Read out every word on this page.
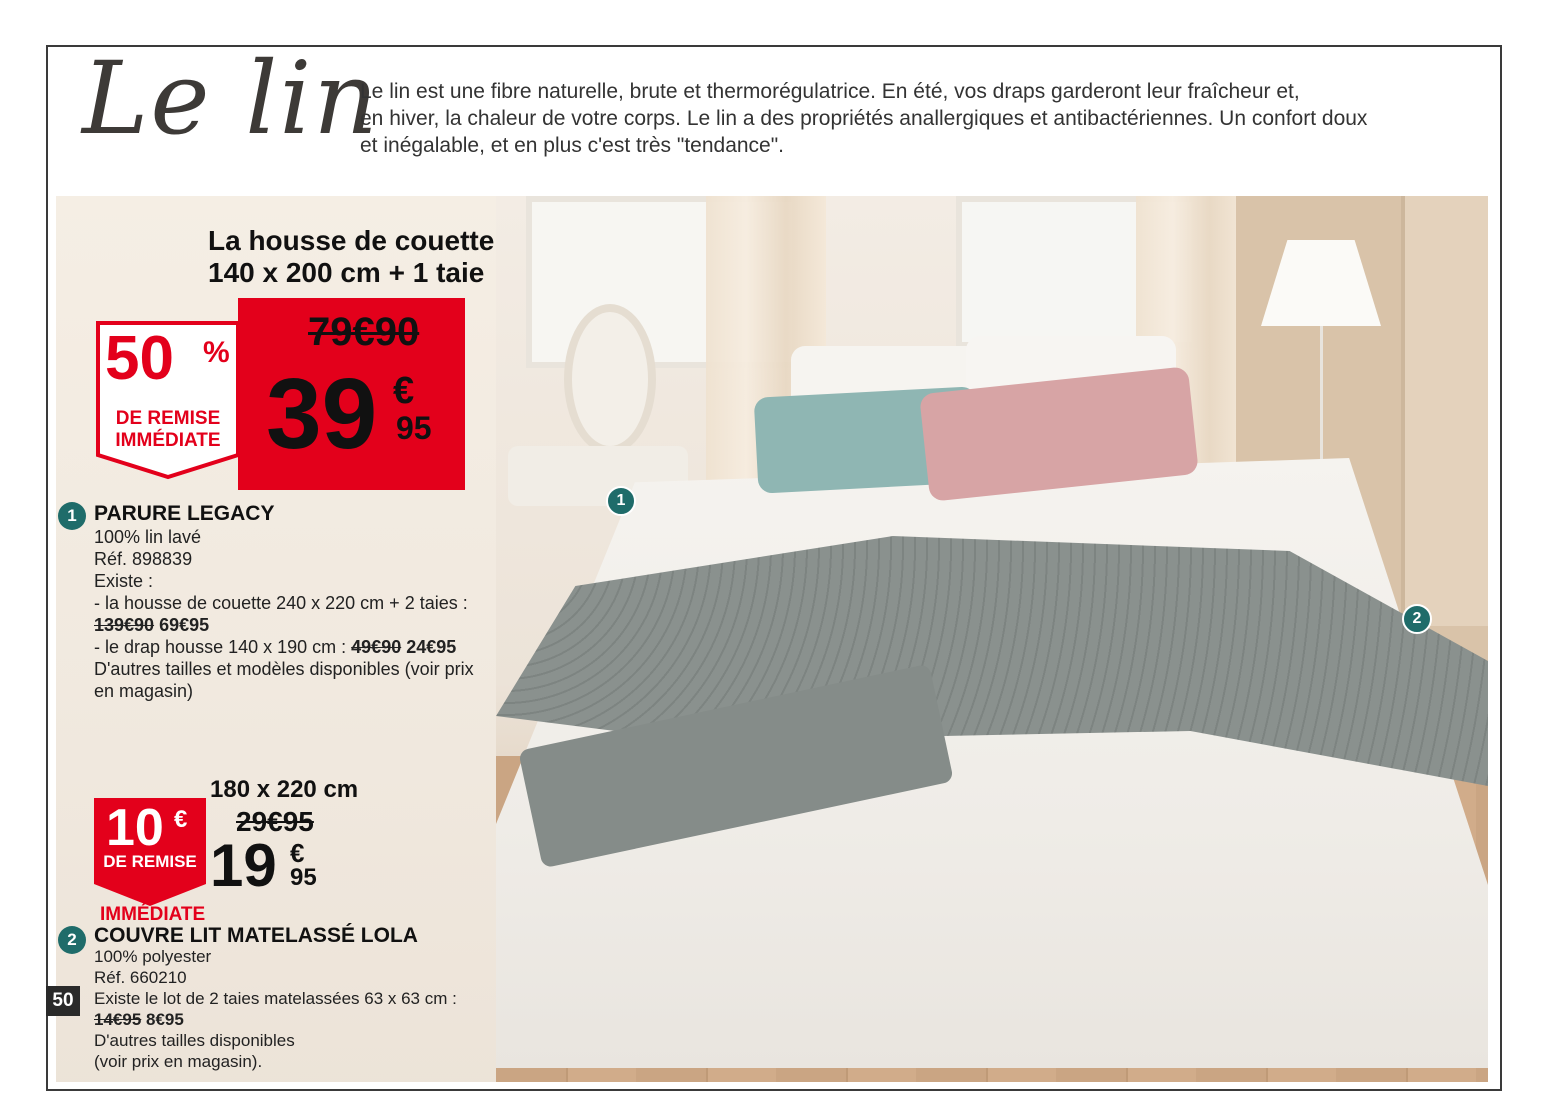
Le lin
Le lin est une fibre naturelle, brute et thermorégulatrice. En été, vos draps garderont leur fraîcheur et,
en hiver, la chaleur de votre corps. Le lin a des propriétés anallergiques et antibactériennes. Un confort doux
et inégalable, et en plus c'est très "tendance".
1
2
La housse de couette
140 x 200 cm + 1 taie
50 %
DE REMISE
IMMÉDIATE
79€90
39 €
95
1 PARURE LEGACY
100% lin lavé
Réf. 898839
Existe :
- la housse de couette 240 x 220 cm + 2 taies :
139€90 69€95
- le drap housse 140 x 190 cm : 49€90 24€95
D'autres tailles et modèles disponibles (voir prix
en magasin)
10 €
DE REMISE
180 x 220 cm
29€95
19 €
95
IMMÉDIATE
2 COUVRE LIT MATELASSÉ LOLA
100% polyester
Réf. 660210
Existe le lot de 2 taies matelassées 63 x 63 cm :
14€95 8€95
D'autres tailles disponibles
(voir prix en magasin).
50
